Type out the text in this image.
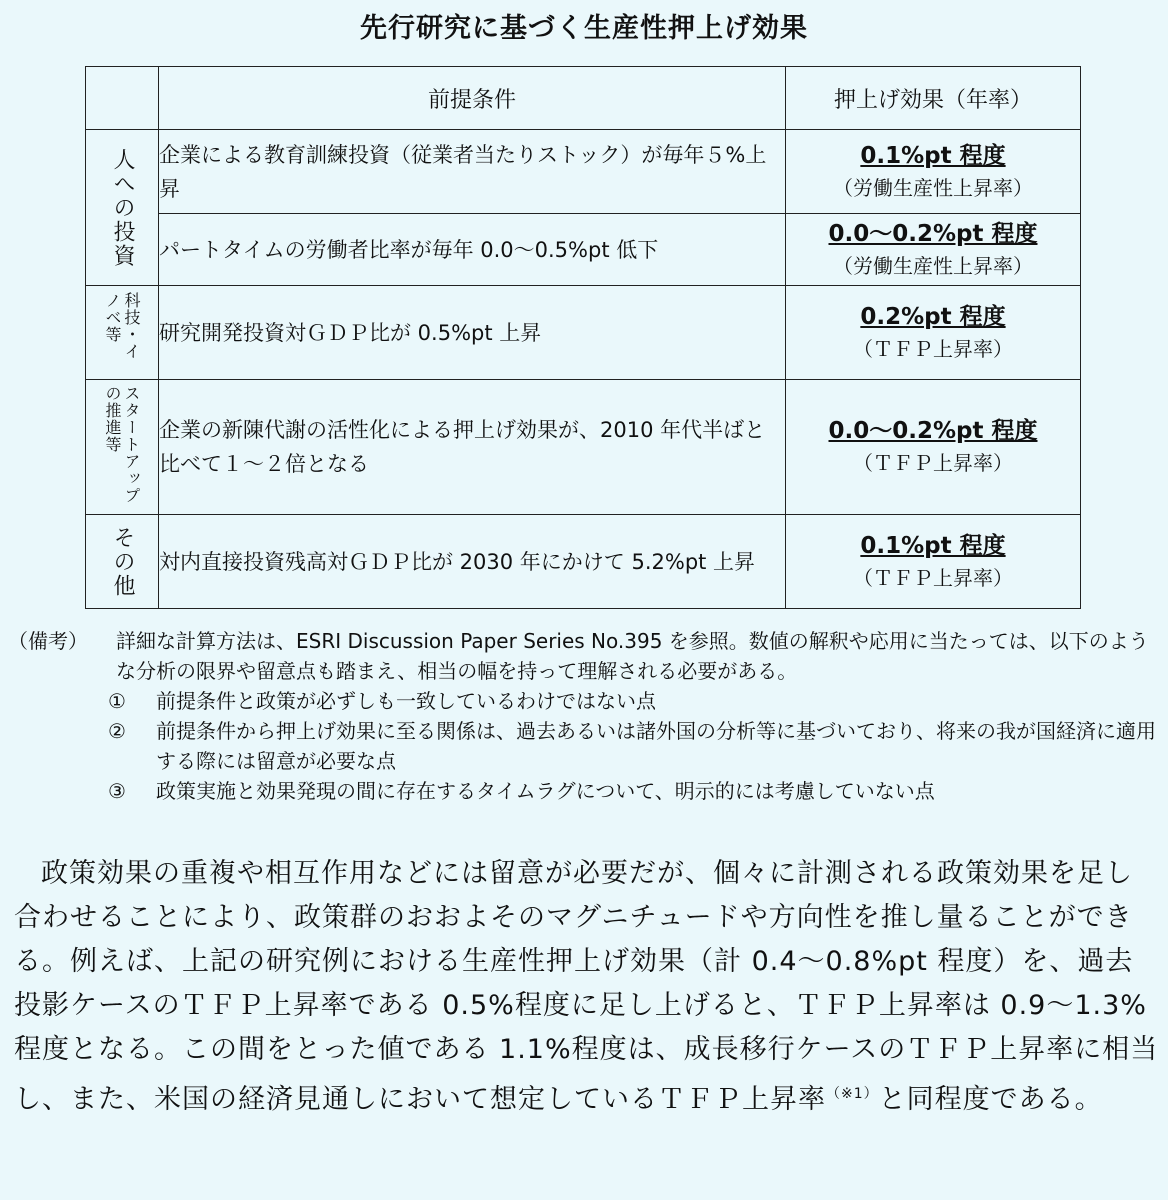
先行研究に基づく生産性押上げ効果
	前提条件	押上げ効果（年率）

人への投資	企業による教育訓練投資（従業者当たりストック）が毎年５%上昇	0.1%pt 程度
（労働生産性上昇率）

	パートタイムの労働者比率が毎年 0.0〜0.5%pt 低下	0.0〜0.2%pt 程度
（労働生産性上昇率）

科技・イノベ等	研究開発投資対ＧＤＰ比が 0.5%pt 上昇	0.2%pt 程度
（ＴＦＰ上昇率）

スタートアップの推進等	企業の新陳代謝の活性化による押上げ効果が、2010 年代半ばと比べて１〜２倍となる	0.0〜0.2%pt 程度
（ＴＦＰ上昇率）

その他	対内直接投資残高対ＧＤＰ比が 2030 年にかけて 5.2%pt 上昇	0.1%pt 程度
（ＴＦＰ上昇率）
（備考） 詳細な計算方法は、ESRI Discussion Paper Series No.395 を参照。数値の解釈や応用に当たっては、以下のような分析の限界や留意点も踏まえ、相当の幅を持って理解される必要がある。
① 前提条件と政策が必ずしも一致しているわけではない点
② 前提条件から押上げ効果に至る関係は、過去あるいは諸外国の分析等に基づいており、将来の我が国経済に適用する際には留意が必要な点
③ 政策実施と効果発現の間に存在するタイムラグについて、明示的には考慮していない点
政策効果の重複や相互作用などには留意が必要だが、個々に計測される政策効果を足し合わせることにより、政策群のおおよそのマグニチュードや方向性を推し量ることができる。例えば、上記の研究例における生産性押上げ効果（計 0.4〜0.8%pt 程度）を、過去投影ケースのＴＦＰ上昇率である 0.5%程度に足し上げると、ＴＦＰ上昇率は 0.9〜1.3%程度となる。この間をとった値である 1.1%程度は、成長移行ケースのＴＦＰ上昇率に相当し、また、米国の経済見通しにおいて想定しているＴＦＰ上昇率$^{(※1)}$と同程度である。
